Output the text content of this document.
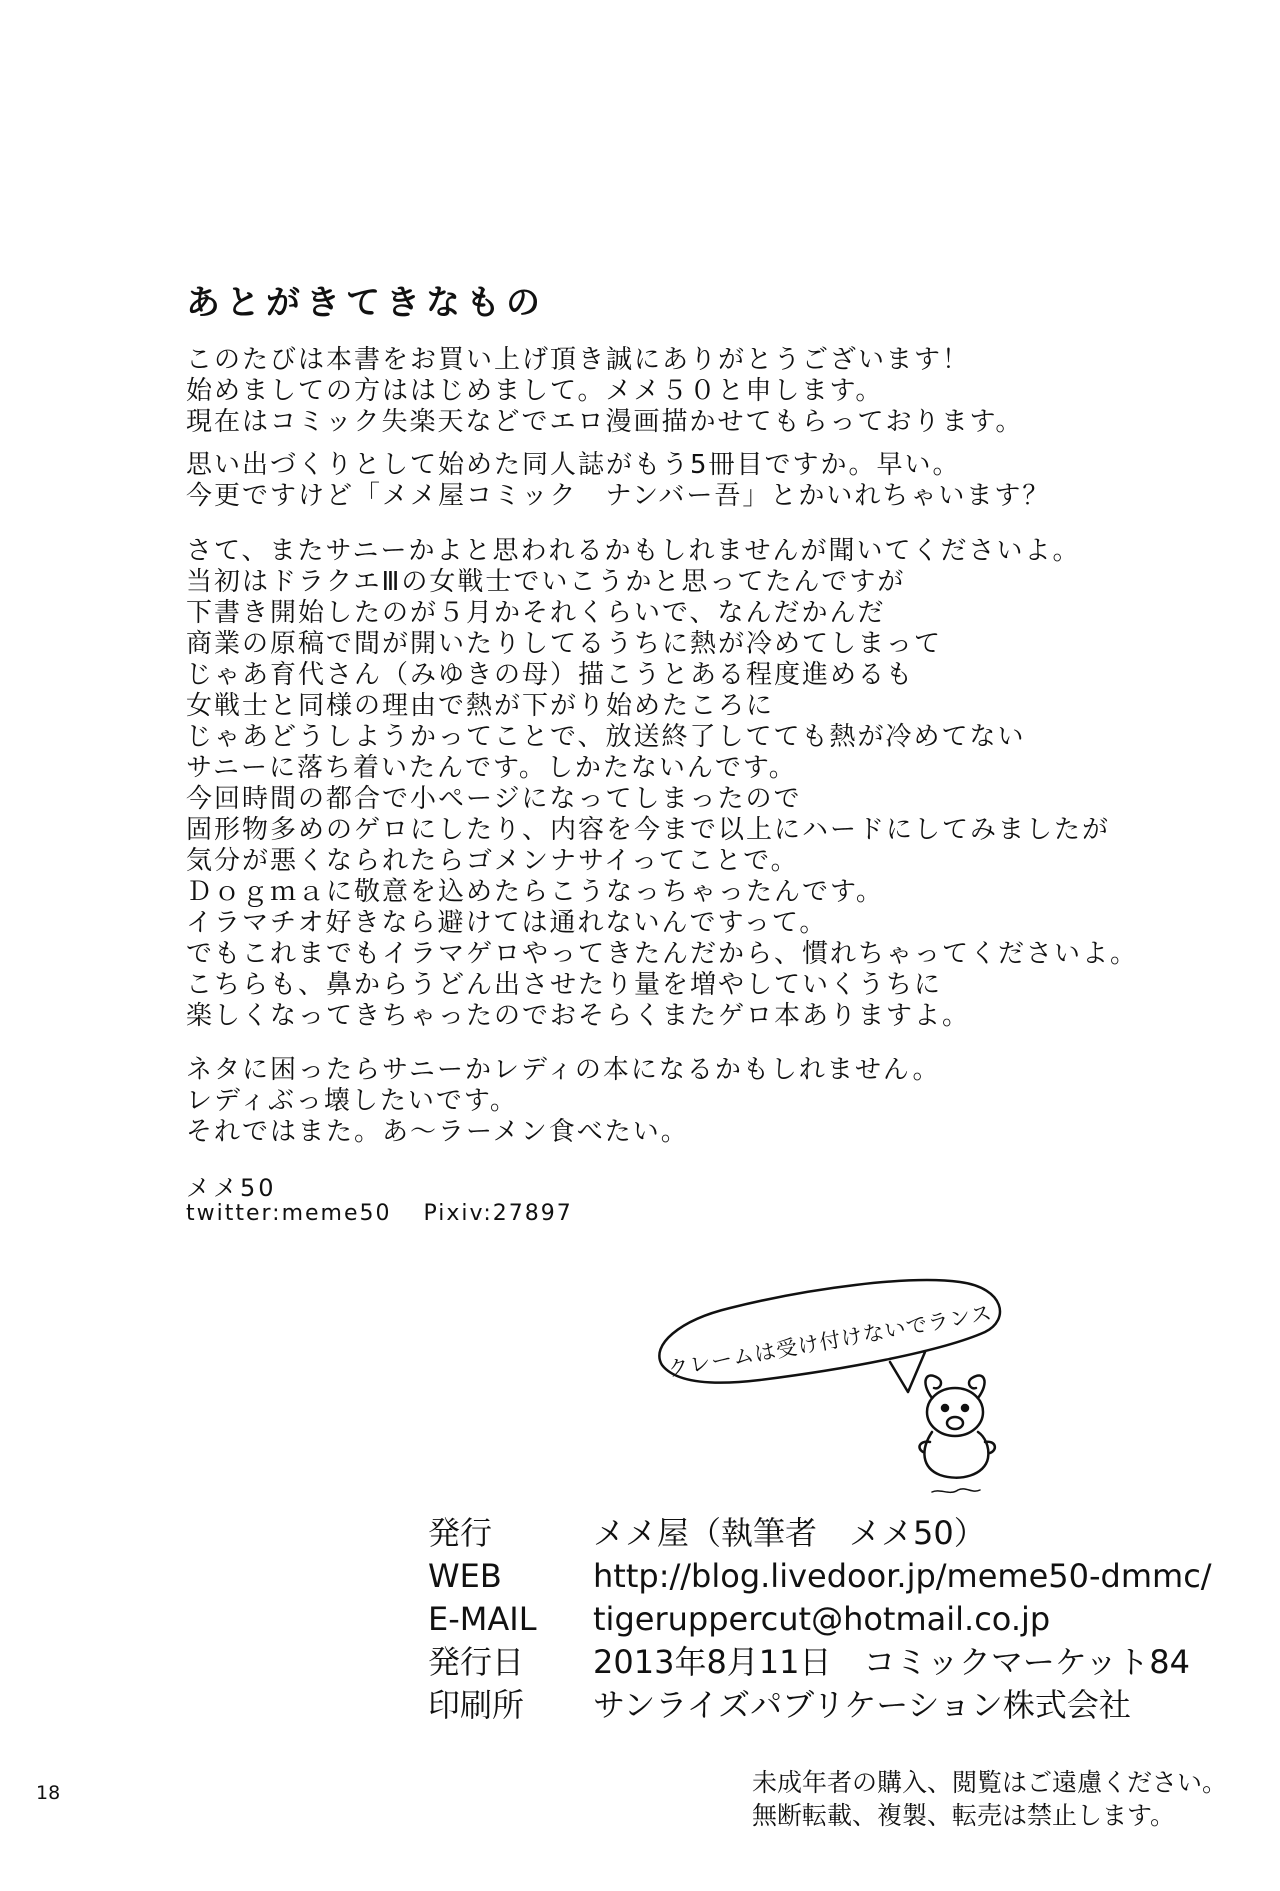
あとがきてきなもの
このたびは本書をお買い上げ頂き誠にありがとうございます！
始めましての方ははじめまして。メメ５０と申します。
現在はコミック失楽天などでエロ漫画描かせてもらっております。
思い出づくりとして始めた同人誌がもう5冊目ですか。早い。
今更ですけど「メメ屋コミック　ナンバー吾」とかいれちゃいます？
さて、またサニーかよと思われるかもしれませんが聞いてくださいよ。
当初はドラクエⅢの女戦士でいこうかと思ってたんですが
下書き開始したのが５月かそれくらいで、なんだかんだ
商業の原稿で間が開いたりしてるうちに熱が冷めてしまって
じゃあ育代さん（みゆきの母）描こうとある程度進めるも
女戦士と同様の理由で熱が下がり始めたころに
じゃあどうしようかってことで、放送終了してても熱が冷めてない
サニーに落ち着いたんです。しかたないんです。
今回時間の都合で小ページになってしまったので
固形物多めのゲロにしたり、内容を今まで以上にハードにしてみましたが
気分が悪くなられたらゴメンナサイってことで。
Ｄｏｇｍａに敬意を込めたらこうなっちゃったんです。
イラマチオ好きなら避けては通れないんですって。
でもこれまでもイラマゲロやってきたんだから、慣れちゃってくださいよ。
こちらも、鼻からうどん出させたり量を増やしていくうちに
楽しくなってきちゃったのでおそらくまたゲロ本ありますよ。
ネタに困ったらサニーかレディの本になるかもしれません。
レディぶっ壊したいです。
それではまた。あ～ラーメン食べたい。
メメ50
twitter:meme50 Pixiv:27897
クレームは受け付けないでランス
発行	メメ屋（執筆者　メメ50）
WEB	http://blog.livedoor.jp/meme50-dmmc/
E-MAIL	tigeruppercut@hotmail.co.jp
発行日	2013年8月11日　コミックマーケット84
印刷所	サンライズパブリケーション株式会社
18	未成年者の購入、閲覧はご遠慮ください。
無断転載、複製、転売は禁止します。
